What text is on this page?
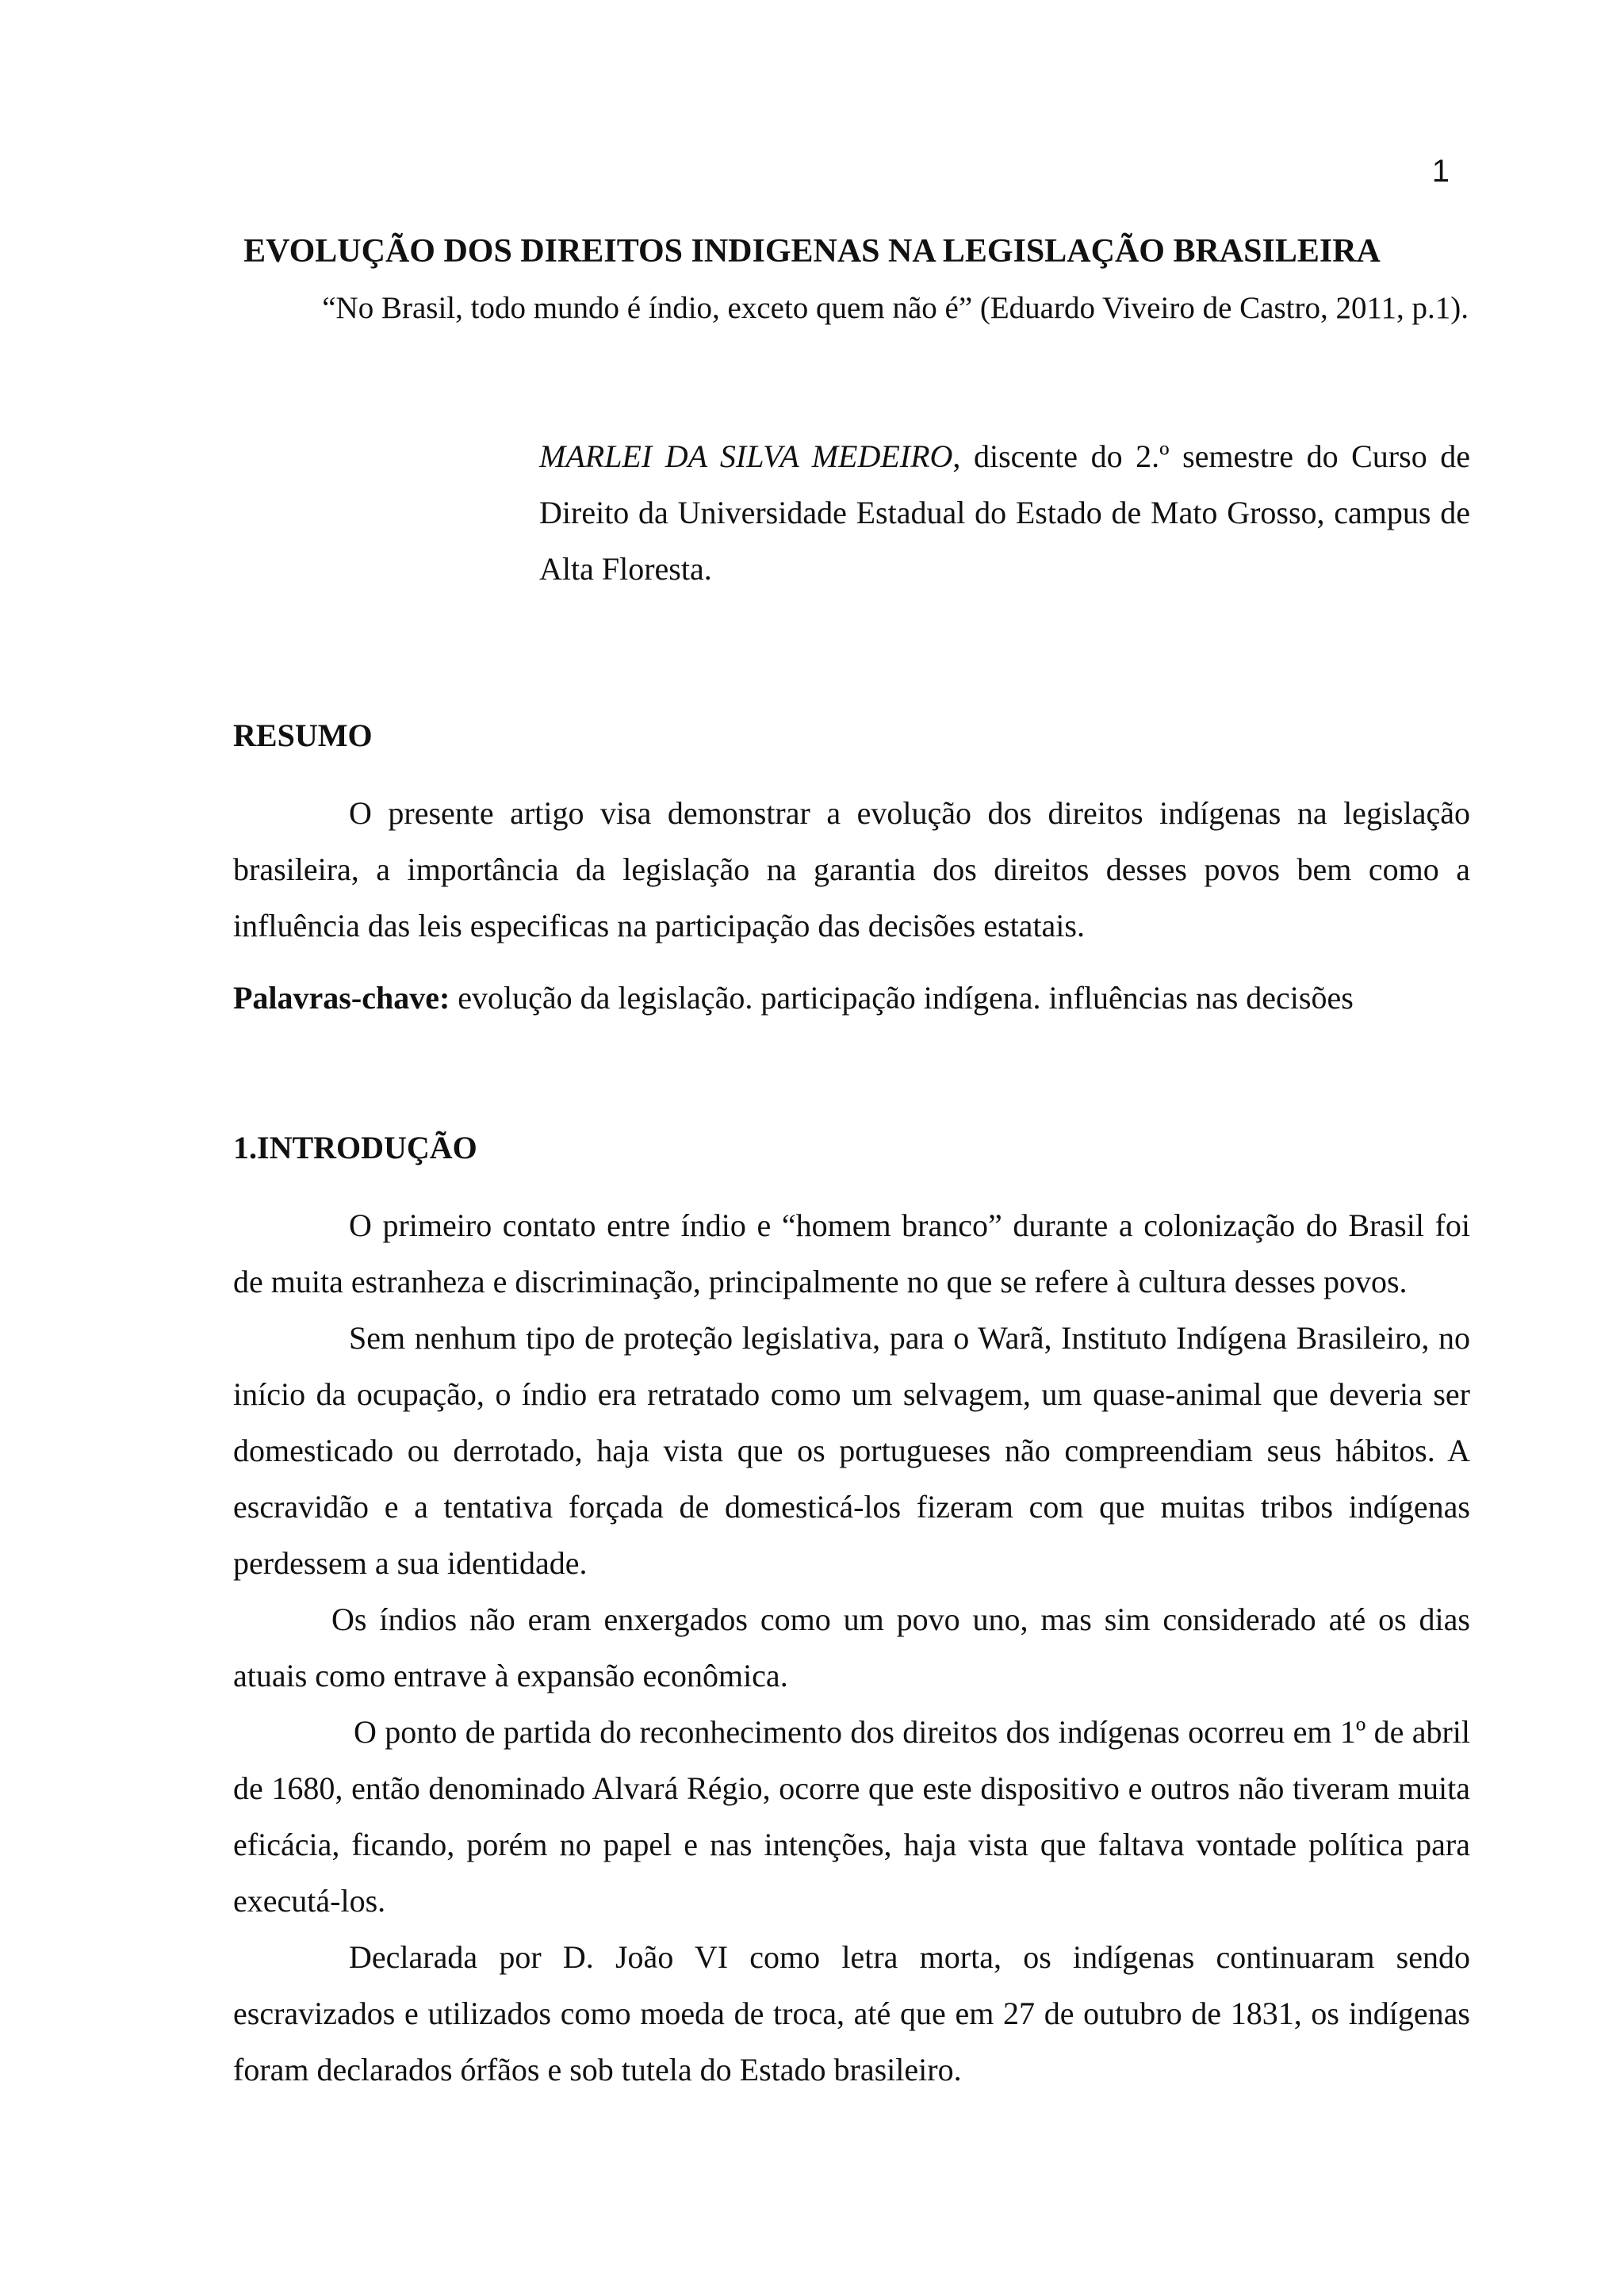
1
EVOLUÇÃO DOS DIREITOS INDIGENAS NA LEGISLAÇÃO BRASILEIRA
“No Brasil, todo mundo é índio, exceto quem não é” (Eduardo Viveiro de Castro, 2011, p.1).
MARLEI DA SILVA MEDEIRO, discente do 2.º semestre do Curso de Direito da Universidade Estadual do Estado de Mato Grosso, campus de Alta Floresta.
RESUMO

O presente artigo visa demonstrar a evolução dos direitos indígenas na legislação brasileira, a importância da legislação na garantia dos direitos desses povos bem como a influência das leis especificas na participação das decisões estatais.

Palavras-chave: evolução da legislação. participação indígena. influências nas decisões

1.INTRODUÇÃO

O primeiro contato entre índio e “homem branco” durante a colonização do Brasil foi de muita estranheza e discriminação, principalmente no que se refere à cultura desses povos.

Sem nenhum tipo de proteção legislativa, para o Warã, Instituto Indígena Brasileiro, no início da ocupação, o índio era retratado como um selvagem, um quase-animal que deveria ser domesticado ou derrotado, haja vista que os portugueses não compreendiam seus hábitos. A escravidão e a tentativa forçada de domesticá-los fizeram com que muitas tribos indígenas perdessem a sua identidade.

Os índios não eram enxergados como um povo uno, mas sim considerado até os dias atuais como entrave à expansão econômica.

O ponto de partida do reconhecimento dos direitos dos indígenas ocorreu em 1º de abril de 1680, então denominado Alvará Régio, ocorre que este dispositivo e outros não tiveram muita eficácia, ficando, porém no papel e nas intenções, haja vista que faltava vontade política para executá-los.

Declarada por D. João VI como letra morta, os indígenas continuaram sendo escravizados e utilizados como moeda de troca, até que em 27 de outubro de 1831, os indígenas foram declarados órfãos e sob tutela do Estado brasileiro.
